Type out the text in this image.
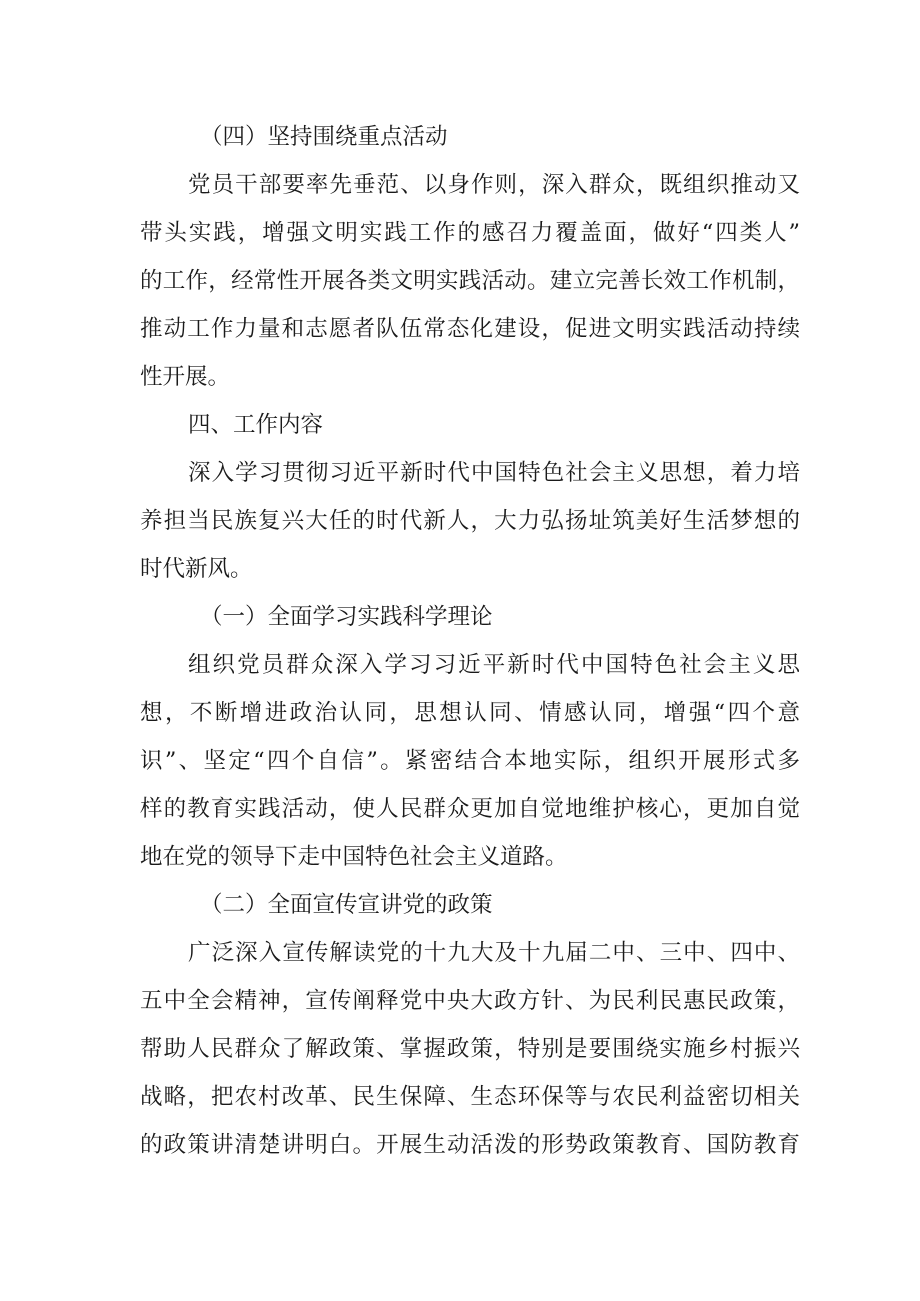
（四）坚持围绕重点活动
党员干部要率先垂范、以身作则，深入群众，既组织推动又
带头实践，增强文明实践工作的感召力覆盖面，做好“四类人”
的工作，经常性开展各类文明实践活动。建立完善长效工作机制，
推动工作力量和志愿者队伍常态化建设，促进文明实践活动持续
性开展。
四、工作内容
深入学习贯彻习近平新时代中国特色社会主义思想，着力培
养担当民族复兴大任的时代新人，大力弘扬址筑美好生活梦想的
时代新风。
（一）全面学习实践科学理论
组织党员群众深入学习习近平新时代中国特色社会主义思
想，不断增进政治认同，思想认同、情感认同，增强“四个意
识”、坚定“四个自信”。紧密结合本地实际，组织开展形式多
样的教育实践活动，使人民群众更加自觉地维护核心，更加自觉
地在党的领导下走中国特色社会主义道路。
（二）全面宣传宣讲党的政策
广泛深入宣传解读党的十九大及十九届二中、三中、四中、
五中全会精神，宣传阐释党中央大政方针、为民利民惠民政策，
帮助人民群众了解政策、掌握政策，特别是要围绕实施乡村振兴
战略，把农村改革、民生保障、生态环保等与农民利益密切相关
的政策讲清楚讲明白。开展生动活泼的形势政策教育、国防教育
